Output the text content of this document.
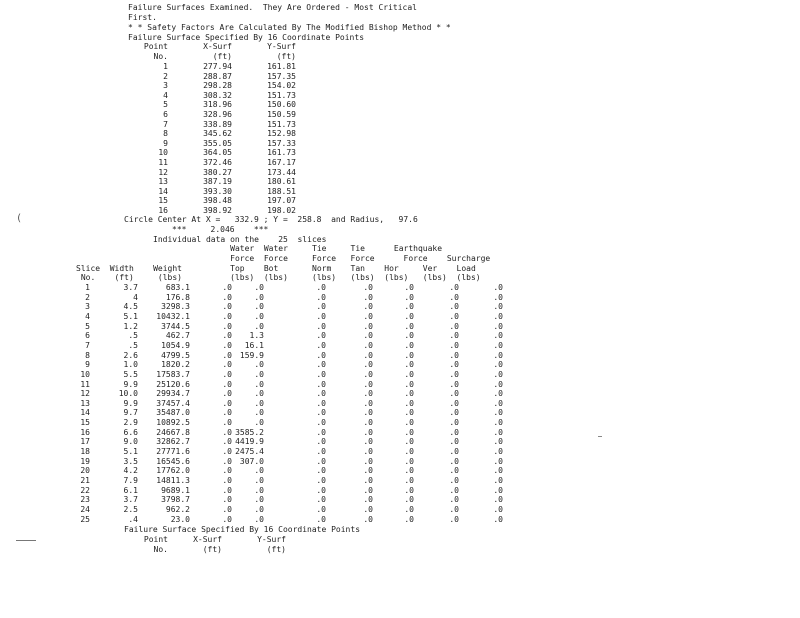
Failure Surfaces Examined.  They Are Ordered - Most Critical
First.
* * Safety Factors Are Calculated By The Modified Bishop Method * *
Failure Surface Specified By 16 Coordinate Points
Point	X-Surf	Y-Surf
No.	(ft)	(ft)
1	277.94	161.81
2	288.87	157.35
3	298.28	154.02
4	308.32	151.73
5	318.96	150.60
6	328.96	150.59
7	338.89	151.73
8	345.62	152.98
9	355.05	157.33
10	364.05	161.73
11	372.46	167.17
12	380.27	173.44
13	387.19	180.61
14	393.30	188.51
15	398.48	197.07
16	398.92	198.02
Circle Center At X =   332.9 ; Y =  258.8  and Radius,   97.6
***     2.046    ***
Individual data on the    25  slices
Water  Water     Tie     Tie      Earthquake
Force  Force     Force   Force      Force    Surcharge
Slice  Width    Weight          Top    Bot       Norm    Tan    Hor     Ver    Load
No.    (ft)     (lbs)          (lbs)  (lbs)     (lbs)   (lbs)  (lbs)   (lbs)  (lbs)
1	3.7	683.1	.0	.0	.0	.0	.0	.0	.0
2	4	176.8	.0	.0	.0	.0	.0	.0	.0
3	4.5	3298.3	.0	.0	.0	.0	.0	.0	.0
4	5.1	10432.1	.0	.0	.0	.0	.0	.0	.0
5	1.2	3744.5	.0	.0	.0	.0	.0	.0	.0
6	.5	462.7	.0	1.3	.0	.0	.0	.0	.0
7	.5	1054.9	.0	16.1	.0	.0	.0	.0	.0
8	2.6	4799.5	.0 159.9	.0	.0	.0	.0	.0
9	1.0	1820.2	.0	.0	.0	.0	.0	.0	.0
10	5.5	17583.7	.0	.0	.0	.0	.0	.0	.0
11	9.9	25120.6	.0	.0	.0	.0	.0	.0	.0
12	10.0	29934.7	.0	.0	.0	.0	.0	.0	.0
13	9.9	37457.4	.0	.0	.0	.0	.0	.0	.0
14	9.7	35487.0	.0	.0	.0	.0	.0	.0	.0
15	2.9	10892.5	.0	.0	.0	.0	.0	.0	.0
16	6.6	24667.8	.0 3585.2	.0	.0	.0	.0	.0
17	9.0	32862.7	.0 4419.9	.0	.0	.0	.0	.0
18	5.1	27771.6	.0 2475.4	.0	.0	.0	.0	.0
19	3.5	16545.6	.0 307.0	.0	.0	.0	.0	.0
20	4.2	17762.0	.0	.0	.0	.0	.0	.0	.0
21	7.9	14811.3	.0	.0	.0	.0	.0	.0	.0
22	6.1	9689.1	.0	.0	.0	.0	.0	.0	.0
23	3.7	3798.7	.0	.0	.0	.0	.0	.0	.0
24	2.5	962.2	.0	.0	.0	.0	.0	.0	.0
25	.4	23.0	.0	.0	.0	.0	.0	.0	.0
Failure Surface Specified By 16 Coordinate Points
Point	X-Surf	Y-Surf
No.	(ft)	(ft)
(
